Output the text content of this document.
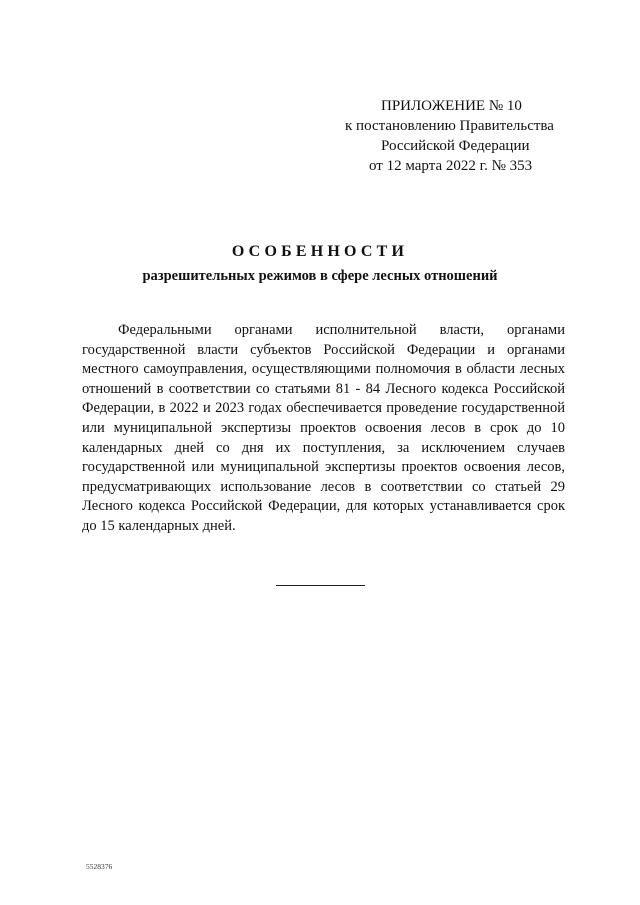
ПРИЛОЖЕНИЕ № 10
к постановлению Правительства
Российской Федерации
от 12 марта 2022 г. № 353
ОСОБЕННОСТИ
разрешительных режимов в сфере лесных отношений

Федеральными органами исполнительной власти, органами государственной власти субъектов Российской Федерации и органами местного самоуправления, осуществляющими полномочия в области лесных отношений в соответствии со статьями 81 - 84 Лесного кодекса Российской Федерации, в 2022 и 2023 годах обеспечивается проведение государственной или муниципальной экспертизы проектов освоения лесов в срок до 10 календарных дней со дня их поступления, за исключением случаев государственной или муниципальной экспертизы проектов освоения лесов, предусматривающих использование лесов в соответствии со статьей 29 Лесного кодекса Российской Федерации, для которых устанавливается срок до 15 календарных дней.

5528376
